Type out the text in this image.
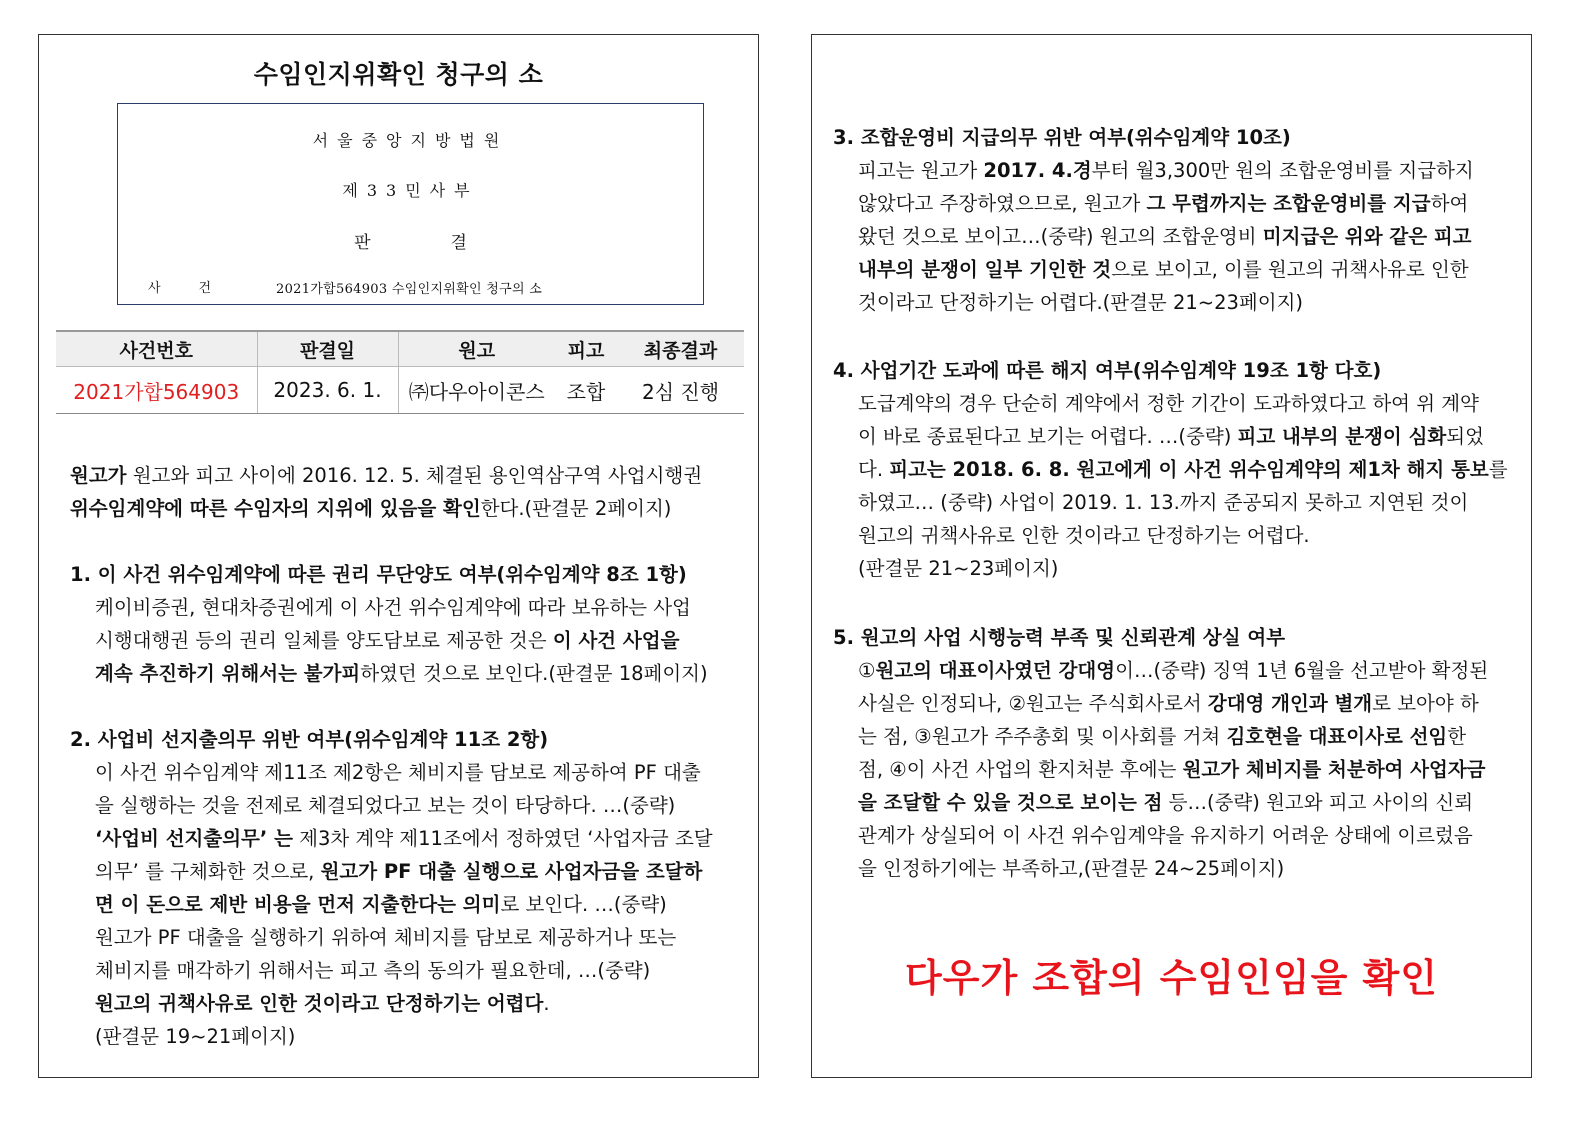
수임인지위확인 청구의 소
서울중앙지방법원
제33민사부
판	결
사건 2021가합564903 수임인지위확인 청구의 소
사건번호	판결일	원고	피고	최종결과
2021가합564903	2023. 6. 1.	㈜다우아이콘스	조합	2심 진행
원고가 원고와 피고 사이에 2016. 12. 5. 체결된 용인역삼구역 사업시행권
위수임계약에 따른 수임자의 지위에 있음을 확인한다.(판결문 2페이지)
1. 이 사건 위수임계약에 따른 권리 무단양도 여부(위수임계약 8조 1항)
케이비증권, 현대차증권에게 이 사건 위수임계약에 따라 보유하는 사업
시행대행권 등의 권리 일체를 양도담보로 제공한 것은 이 사건 사업을
계속 추진하기 위해서는 불가피하였던 것으로 보인다.(판결문 18페이지)
2. 사업비 선지출의무 위반 여부(위수임계약 11조 2항)
이 사건 위수임계약 제11조 제2항은 체비지를 담보로 제공하여 PF 대출
을 실행하는 것을 전제로 체결되었다고 보는 것이 타당하다. …(중략)
‘사업비 선지출의무’ 는 제3차 계약 제11조에서 정하였던 ‘사업자금 조달
의무’ 를 구체화한 것으로, 원고가 PF 대출 실행으로 사업자금을 조달하
면 이 돈으로 제반 비용을 먼저 지출한다는 의미로 보인다. …(중략)
원고가 PF 대출을 실행하기 위하여 체비지를 담보로 제공하거나 또는
체비지를 매각하기 위해서는 피고 측의 동의가 필요한데, …(중략)
원고의 귀책사유로 인한 것이라고 단정하기는 어렵다.
(판결문 19~21페이지)
3. 조합운영비 지급의무 위반 여부(위수임계약 10조)
피고는 원고가 2017. 4.경부터 월3,300만 원의 조합운영비를 지급하지
않았다고 주장하였으므로, 원고가 그 무렵까지는 조합운영비를 지급하여
왔던 것으로 보이고…(중략) 원고의 조합운영비 미지급은 위와 같은 피고
내부의 분쟁이 일부 기인한 것으로 보이고, 이를 원고의 귀책사유로 인한
것이라고 단정하기는 어렵다.(판결문 21~23페이지)
4. 사업기간 도과에 따른 해지 여부(위수임계약 19조 1항 다호)
도급계약의 경우 단순히 계약에서 정한 기간이 도과하였다고 하여 위 계약
이 바로 종료된다고 보기는 어렵다. …(중략) 피고 내부의 분쟁이 심화되었
다. 피고는 2018. 6. 8. 원고에게 이 사건 위수임계약의 제1차 해지 통보를
하였고… (중략) 사업이 2019. 1. 13.까지 준공되지 못하고 지연된 것이
원고의 귀책사유로 인한 것이라고 단정하기는 어렵다.
(판결문 21~23페이지)
5. 원고의 사업 시행능력 부족 및 신뢰관계 상실 여부
①원고의 대표이사였던 강대영이…(중략) 징역 1년 6월을 선고받아 확정된
사실은 인정되나, ②원고는 주식회사로서 강대영 개인과 별개로 보아야 하
는 점, ③원고가 주주총회 및 이사회를 거쳐 김호현을 대표이사로 선임한
점, ④이 사건 사업의 환지처분 후에는 원고가 체비지를 처분하여 사업자금
을 조달할 수 있을 것으로 보이는 점 등…(중략) 원고와 피고 사이의 신뢰
관계가 상실되어 이 사건 위수임계약을 유지하기 어려운 상태에 이르렀음
을 인정하기에는 부족하고,(판결문 24~25페이지)
다우가 조합의 수임인임을 확인
